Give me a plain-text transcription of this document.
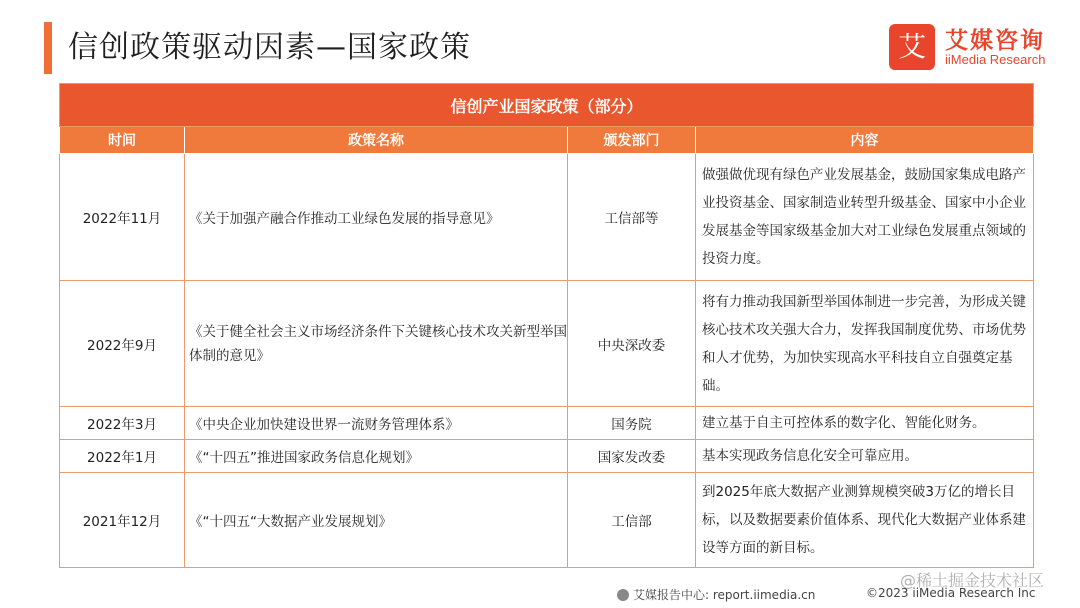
信创政策驱动因素—国家政策	艾 艾媒咨询
iiMedia Research
信创产业国家政策（部分）			
时间	政策名称	颁发部门	内容
2022年11月	《关于加强产融合作推动工业绿色发展的指导意见》	工信部等	做强做优现有绿色产业发展基金，鼓励国家集成电路产业投资基金、国家制造业转型升级基金、国家中小企业发展基金等国家级基金加大对工业绿色发展重点领域的投资力度。
2022年9月	《关于健全社会主义市场经济条件下关键核心技术攻关新型举国体制的意见》	中央深改委	将有力推动我国新型举国体制进一步完善，为形成关键核心技术攻关强大合力，发挥我国制度优势、市场优势和人才优势，为加快实现高水平科技自立自强奠定基础。
2022年3月	《中央企业加快建设世界一流财务管理体系》	国务院	建立基于自主可控体系的数字化、智能化财务。
2022年1月	《“十四五”推进国家政务信息化规划》	国家发改委	基本实现政务信息化安全可靠应用。
2021年12月	《“十四五“大数据产业发展规划》	工信部	到2025年底大数据产业测算规模突破3万亿的增长目标，以及数据要素价值体系、现代化大数据产业体系建设等方面的新目标。
@稀土掘金技术社区
艾媒报告中心: report.iimedia.cn	©2023 iiMedia Research Inc
